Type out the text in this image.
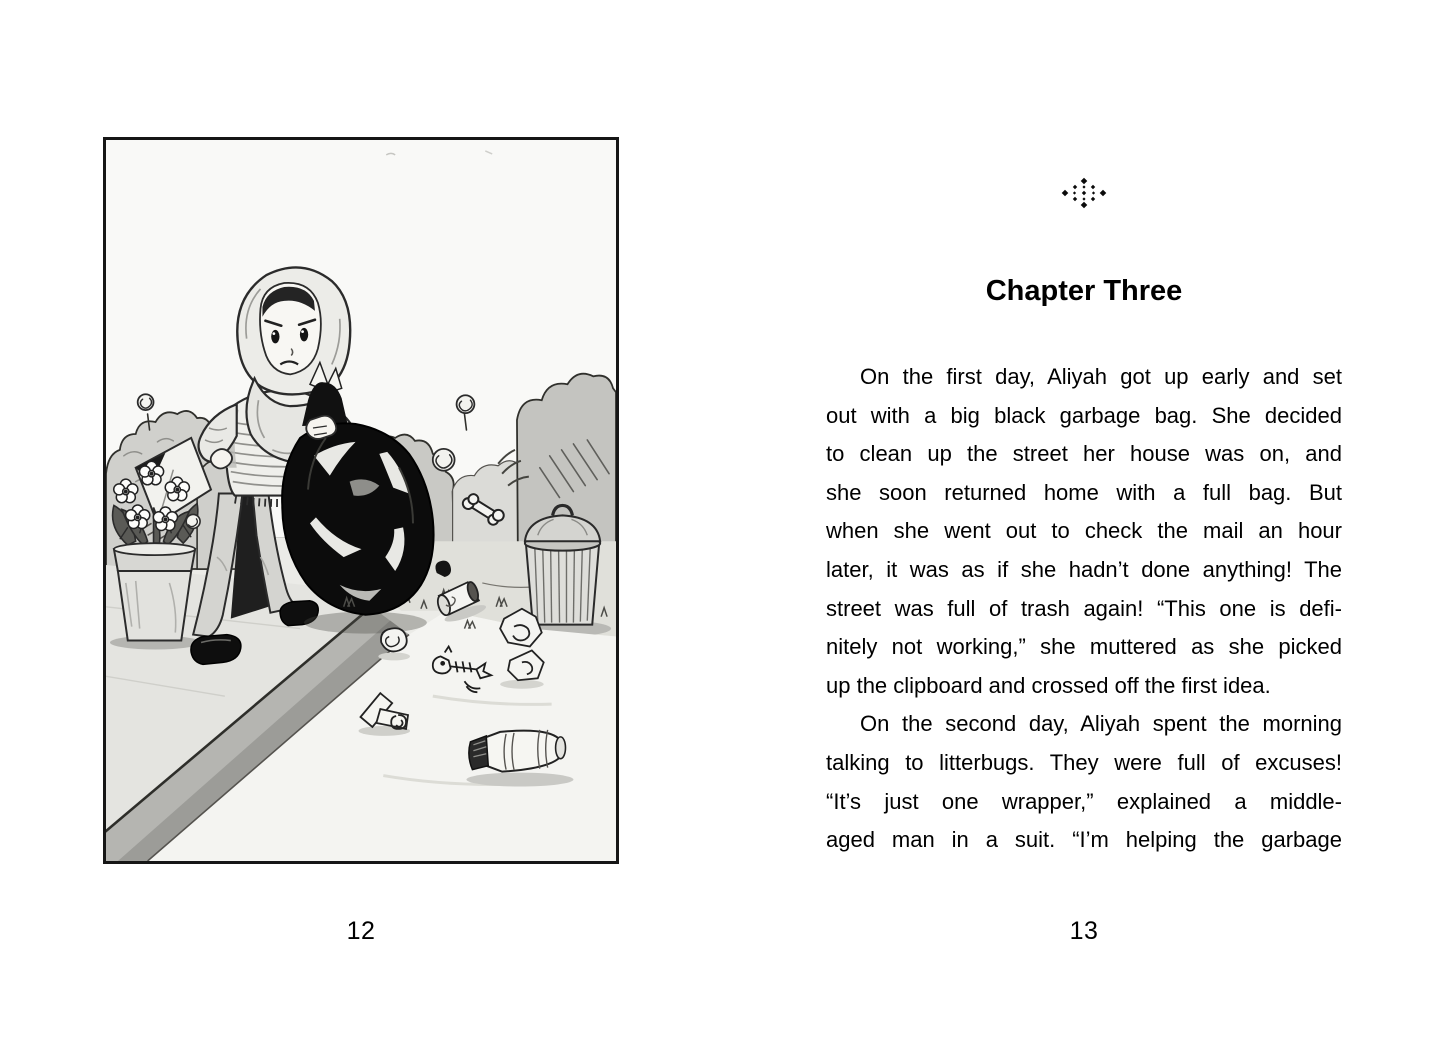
12
Chapter Three
On the first day, Aliyah got up early and set
out with a big black garbage bag. She decided
to clean up the street her house was on, and
she soon returned home with a full bag. But
when she went out to check the mail an hour
later, it was as if she hadn’t done anything! The
street was full of trash again! “This one is defi-
nitely not working,” she muttered as she picked
up the clipboard and crossed off the first idea.
On the second day, Aliyah spent the morning
talking to litterbugs. They were full of excuses!
“It’s just one wrapper,” explained a middle-
aged man in a suit. “I’m helping the garbage
13
